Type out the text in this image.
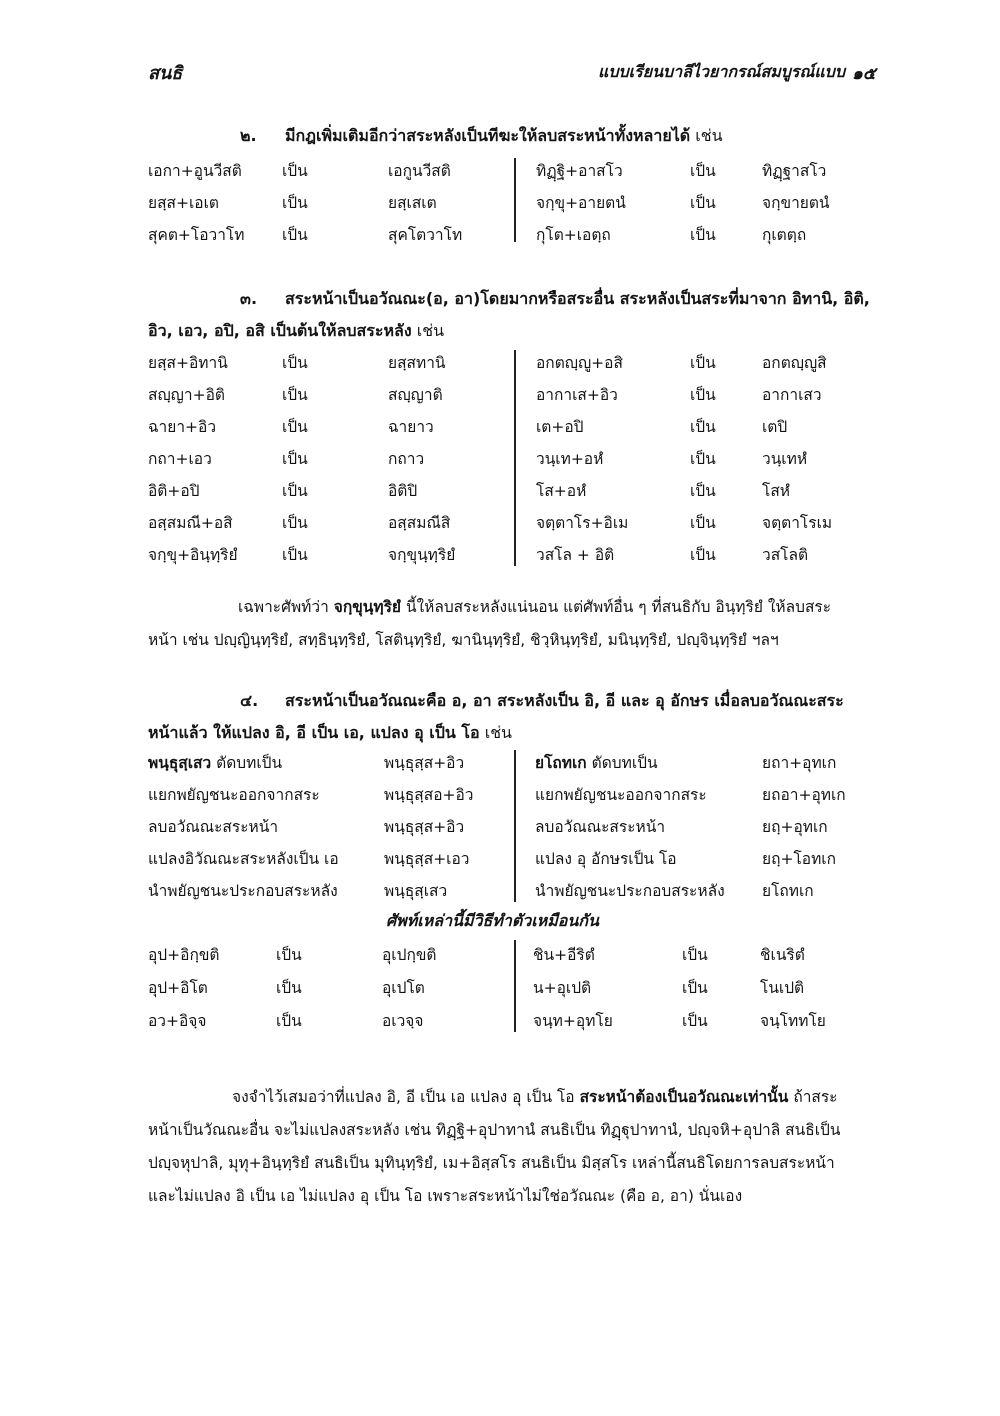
สนธิ	แบบเรียนบาลีไวยากรณ์สมบูรณ์แบบ ๑๕
๒. มีกฎเพิ่มเติมอีกว่าสระหลังเป็นทีฆะให้ลบสระหน้าทั้งหลายได้ เช่น
เอกา+อูนวีสติ	เป็น	เอกูนวีสติ	ทิฏฺฐิ+อาสโว	เป็น	ทิฏฺฐาสโว
ยสฺส+เอเต	เป็น	ยสฺเสเต	จกฺขุ+อายตนํ	เป็น	จกฺขายตนํ
สุคต+โอวาโท เป็น	สุคโตวาโท	กุโต+เอตฺถ	เป็น	กุเตตฺถ
๓. สระหน้าเป็นอวัณณะ(อ, อา)โดยมากหรือสระอื่น สระหลังเป็นสระที่มาจาก อิทานิ, อิติ,
อิว, เอว, อปิ, อสิ เป็นต้นให้ลบสระหลัง เช่น
ยสฺส+อิทานิ	เป็น	ยสฺสทานิ	อกตญฺญู+อสิ	เป็น	อกตญฺญูสิ
สญฺญา+อิติ	เป็น	สญฺญาติ	อากาเส+อิว	เป็น	อากาเสว
ฉายา+อิว	เป็น	ฉายาว	เต+อปิ	เป็น	เตปิ
กถา+เอว	เป็น	กถาว	วนฺเท+อหํ	เป็น	วนฺเทหํ
อิติ+อปิ	เป็น	อิติปิ	โส+อหํ	เป็น	โสหํ
อสฺสมณี+อสิ	เป็น	อสฺสมณีสิ	จตฺตาโร+อิเม	เป็น	จตฺตาโรเม
จกฺขุ+อินฺทฺริยํ	เป็น	จกฺขุนฺทฺริยํ	วสโล + อิติ	เป็น	วสโลติ
เฉพาะศัพท์ว่า จกฺขุนฺทฺริยํ นี้ให้ลบสระหลังแน่นอน แต่ศัพท์อื่น ๆ ที่สนธิกับ อินฺทฺริยํ ให้ลบสระ
หน้า เช่น ปญฺญินฺทฺริยํ, สทฺธินฺทฺริยํ, โสตินฺทฺริยํ, ฆานินฺทฺริยํ, ชิวฺหินฺทฺริยํ, มนินฺทฺริยํ, ปญฺจินฺทฺริยํ ฯลฯ
๔. สระหน้าเป็นอวัณณะคือ อ, อา สระหลังเป็น อิ, อี และ อุ อักษร เมื่อลบอวัณณะสระ
หน้าแล้ว ให้แปลง อิ, อี เป็น เอ, แปลง อุ เป็น โอ เช่น
พนฺธุสฺเสว ตัดบทเป็น	พนฺธุสฺส+อิว	ยโถทเก ตัดบทเป็น	ยถา+อุทเก
แยกพยัญชนะออกจากสระ	พนฺธุสฺสอ+อิว	แยกพยัญชนะออกจากสระ	ยถอา+อุทเก
ลบอวัณณะสระหน้า	พนฺธุสฺส+อิว	ลบอวัณณะสระหน้า	ยถฺ+อุทเก
แปลงอิวัณณะสระหลังเป็น เอ	พนฺธุสฺส+เอว	แปลง อุ อักษรเป็น โอ	ยถฺ+โอทเก
นำพยัญชนะประกอบสระหลัง	พนฺธุสฺเสว	นำพยัญชนะประกอบสระหลัง ยโถทเก
ศัพท์เหล่านี้มีวิธีทำตัวเหมือนกัน
อุป+อิกฺขติ	เป็น	อุเปกฺขติ	ชิน+อีริตํ	เป็น	ชิเนริตํ
อุป+อิโต	เป็น	อุเปโต	น+อุเปติ	เป็น	โนเปติ
อว+อิจฺจ	เป็น	อเวจฺจ	จนฺท+อุทโย	เป็น	จนฺโททโย
จงจำไว้เสมอว่าที่แปลง อิ, อี เป็น เอ แปลง อุ เป็น โอ สระหน้าต้องเป็นอวัณณะเท่านั้น ถ้าสระ
หน้าเป็นวัณณะอื่น จะไม่แปลงสระหลัง เช่น ทิฏฺฐิ+อุปาทานํ สนธิเป็น ทิฏฺฐุปาทานํ, ปญฺจหิ+อุปาลิ สนธิเป็น
ปญฺจหุปาลิ, มุทุ+อินฺทฺริยํ สนธิเป็น มุทินฺทฺริยํ, เม+อิสฺสโร สนธิเป็น มิสฺสโร เหล่านี้สนธิโดยการลบสระหน้า
และไม่แปลง อิ เป็น เอ ไม่แปลง อุ เป็น โอ เพราะสระหน้าไม่ใช่อวัณณะ (คือ อ, อา) นั่นเอง
